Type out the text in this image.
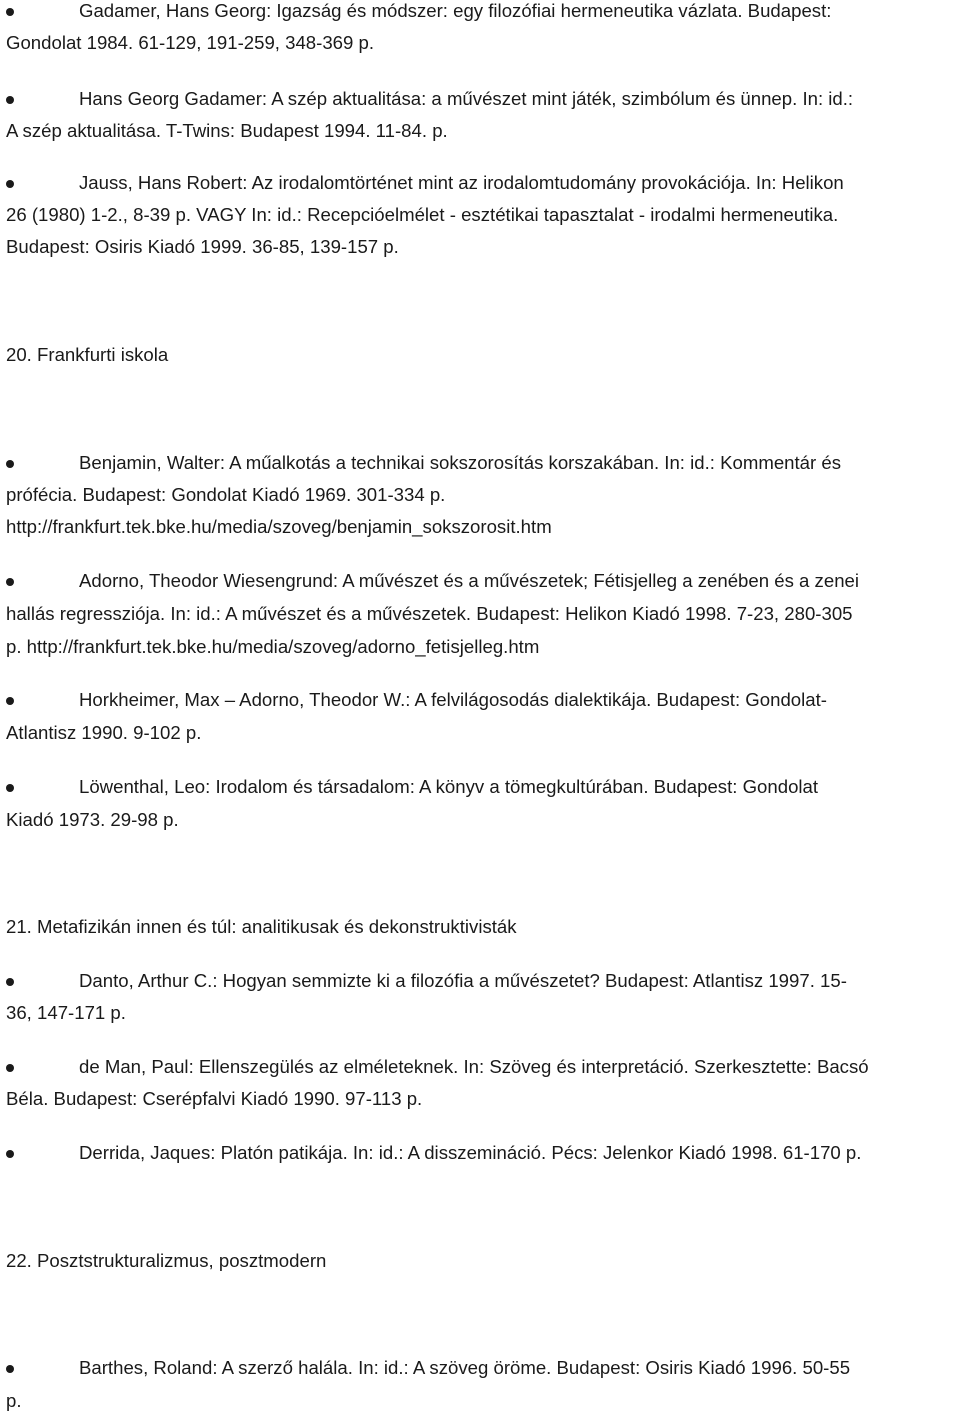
Gadamer, Hans Georg: Igazság és módszer: egy filozófiai hermeneutika vázlata. Budapest:
Gondolat 1984. 61-129, 191-259, 348-369 p.
Hans Georg Gadamer: A szép aktualitása: a művészet mint játék, szimbólum és ünnep. In: id.:
A szép aktualitása. T-Twins: Budapest 1994. 11-84. p.
Jauss, Hans Robert: Az irodalomtörténet mint az irodalomtudomány provokációja. In: Helikon
26 (1980) 1-2., 8-39 p. VAGY In: id.: Recepcióelmélet - esztétikai tapasztalat - irodalmi hermeneutika.
Budapest: Osiris Kiadó 1999. 36-85, 139-157 p.
20. Frankfurti iskola
Benjamin, Walter: A műalkotás a technikai sokszorosítás korszakában. In: id.: Kommentár és
prófécia. Budapest: Gondolat Kiadó 1969. 301-334 p.
http://frankfurt.tek.bke.hu/media/szoveg/benjamin_sokszorosit.htm
Adorno, Theodor Wiesengrund: A művészet és a művészetek; Fétisjelleg a zenében és a zenei
hallás regressziója. In: id.: A művészet és a művészetek. Budapest: Helikon Kiadó 1998. 7-23, 280-305
p. http://frankfurt.tek.bke.hu/media/szoveg/adorno_fetisjelleg.htm
Horkheimer, Max – Adorno, Theodor W.: A felvilágosodás dialektikája. Budapest: Gondolat-
Atlantisz 1990. 9-102 p.
Löwenthal, Leo: Irodalom és társadalom: A könyv a tömegkultúrában. Budapest: Gondolat
Kiadó 1973. 29-98 p.
21. Metafizikán innen és túl: analitikusak és dekonstruktivisták
Danto, Arthur C.: Hogyan semmizte ki a filozófia a művészetet? Budapest: Atlantisz 1997. 15-
36, 147-171 p.
de Man, Paul: Ellenszegülés az elméleteknek. In: Szöveg és interpretáció. Szerkesztette: Bacsó
Béla. Budapest: Cserépfalvi Kiadó 1990. 97-113 p.
Derrida, Jaques: Platón patikája. In: id.: A disszemináció. Pécs: Jelenkor Kiadó 1998. 61-170 p.
22. Posztstrukturalizmus, posztmodern
Barthes, Roland: A szerző halála. In: id.: A szöveg öröme. Budapest: Osiris Kiadó 1996. 50-55
p.
